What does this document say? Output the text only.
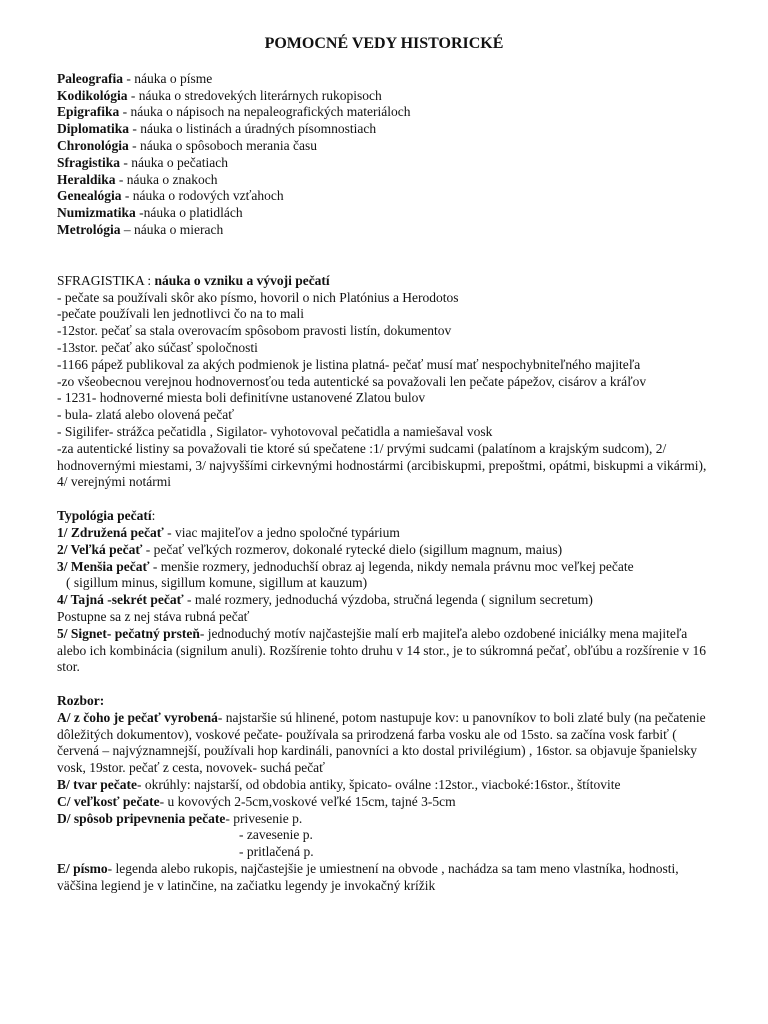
POMOCNÉ VEDY HISTORICKÉ
Paleografia - náuka o písme
Kodikológia - náuka o stredovekých literárnych rukopisoch
Epigrafika - náuka o nápisoch na nepaleografických materiáloch
Diplomatika - náuka o listinách a úradných písomnostiach
Chronológia - náuka o spôsoboch merania času
Sfragistika - náuka o pečatiach
Heraldika - náuka o znakoch
Genealógia - náuka o rodových vzťahoch
Numizmatika -náuka o platidlách
Metrológia – náuka o mierach
SFRAGISTIKA : náuka o vzniku a vývoji pečatí
- pečate sa používali skôr ako písmo, hovoril o nich Platónius a Herodotos
-pečate používali len jednotlivci čo na to mali
-12stor. pečať sa stala overovacím spôsobom pravosti listín, dokumentov
-13stor. pečať ako súčasť spoločnosti
-1166 pápež publikoval za akých podmienok je listina platná- pečať musí mať nespochybniteľného majiteľa
-zo všeobecnou verejnou hodnovernosťou teda autentické sa považovali len pečate pápežov, cisárov a kráľov
- 1231- hodnoverné miesta boli definitívne ustanovené Zlatou bulov
- bula- zlatá alebo olovená pečať
- Sigilifer- strážca pečatidla , Sigilator- vyhotovoval pečatidla a namiešaval vosk
-za autentické listiny sa považovali tie ktoré sú spečatene :1/ prvými sudcami (palatínom a krajským sudcom), 2/ hodnovernými miestami, 3/ najvyššími cirkevnými hodnostármi (arcibiskupmi, prepoštmi, opátmi, biskupmi a vikármi), 4/ verejnými notármi
Typológia pečatí:
1/ Združená pečať - viac majiteľov a jedno spoločné typárium
2/ Veľká pečať - pečať veľkých rozmerov, dokonalé rytecké dielo (sigillum magnum, maius)
3/ Menšia pečať - menšie rozmery, jednoduchší obraz aj legenda, nikdy nemala právnu moc veľkej pečate
( sigillum minus, sigillum komune, sigillum at kauzum)
4/ Tajná -sekrét pečať - malé rozmery, jednoduchá výzdoba, stručná legenda ( signilum secretum)
Postupne sa z nej stáva rubná pečať
5/ Signet- pečatný prsteň- jednoduchý motív najčastejšie malí erb majiteľa alebo ozdobené iniciálky mena majiteľa alebo ich kombinácia (signilum anuli). Rozšírenie tohto druhu v 14 stor., je to súkromná pečať, obľúbu a rozšírenie v 16 stor.
Rozbor:
A/ z čoho je pečať vyrobená- najstaršie sú hlinené, potom nastupuje kov: u panovníkov to boli zlaté buly (na pečatenie dôležitých dokumentov), voskové pečate- používala sa prirodzená farba vosku ale od 15sto. sa začína vosk farbiť ( červená – najvýznamnejší, používali hop kardináli, panovníci a kto dostal privilégium) , 16stor. sa objavuje španielsky vosk, 19stor. pečať z cesta, novovek- suchá pečať
B/ tvar pečate- okrúhly: najstarší, od obdobia antiky, špicato- oválne :12stor., viacboké:16stor., štítovite
C/ veľkosť pečate- u kovových 2-5cm,voskové veľké 15cm, tajné 3-5cm
D/ spôsob pripevnenia pečate- privesenie p.
- zavesenie p.
- pritlačená p.
E/ písmo- legenda alebo rukopis, najčastejšie je umiestnení na obvode , nachádza sa tam meno vlastníka, hodnosti, väčšina legiend je v latinčine, na začiatku legendy je invokačný krížik
